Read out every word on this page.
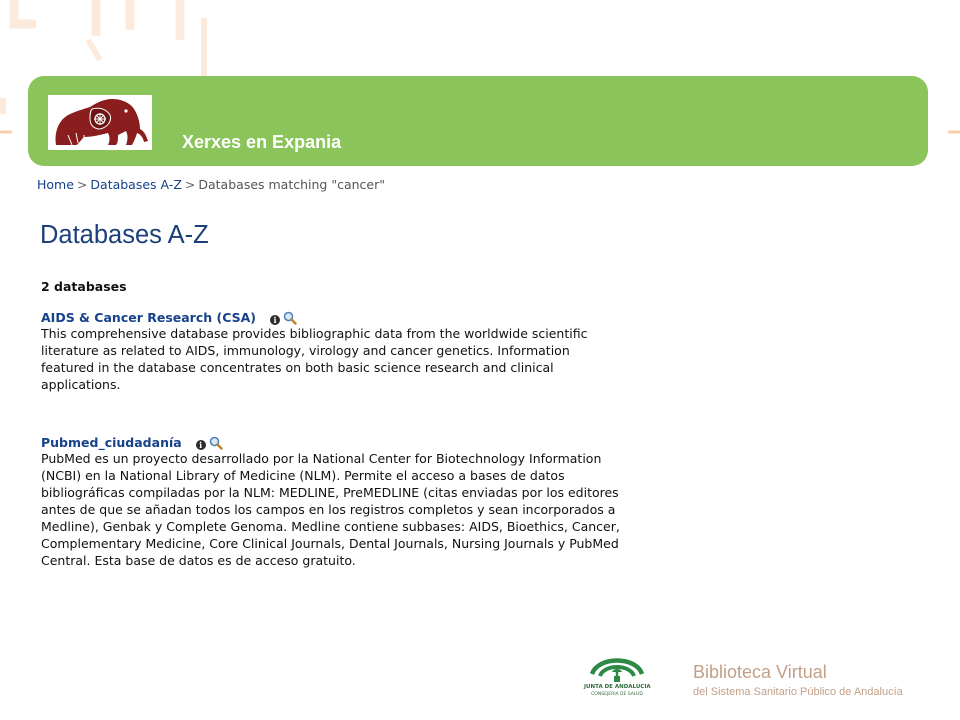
Xerxes en Expania
Home > Databases A-Z > Databases matching "cancer"
Databases A-Z
2 databases
AIDS & Cancer Research (CSA) i

This comprehensive database provides bibliographic data from the worldwide scientific literature as related to AIDS, immunology, virology and cancer genetics. Information featured in the database concentrates on both basic science research and clinical applications.

Pubmed_ciudadanía i

PubMed es un proyecto desarrollado por la National Center for Biotechnology Information (NCBI) en la National Library of Medicine (NLM). Permite el acceso a bases de datos bibliográficas compiladas por la NLM: MEDLINE, PreMEDLINE (citas enviadas por los editores antes de que se añadan todos los campos en los registros completos y sean incorporados a Medline), Genbak y Complete Genoma. Medline contiene subbases: AIDS, Bioethics, Cancer, Complementary Medicine, Core Clinical Journals, Dental Journals, Nursing Journals y PubMed Central. Esta base de datos es de acceso gratuito.

JUNTA DE ANDALUCIA
CONSEJERIA DE SALUD
Biblioteca Virtual
del Sistema Sanitario Público de Andalucía
